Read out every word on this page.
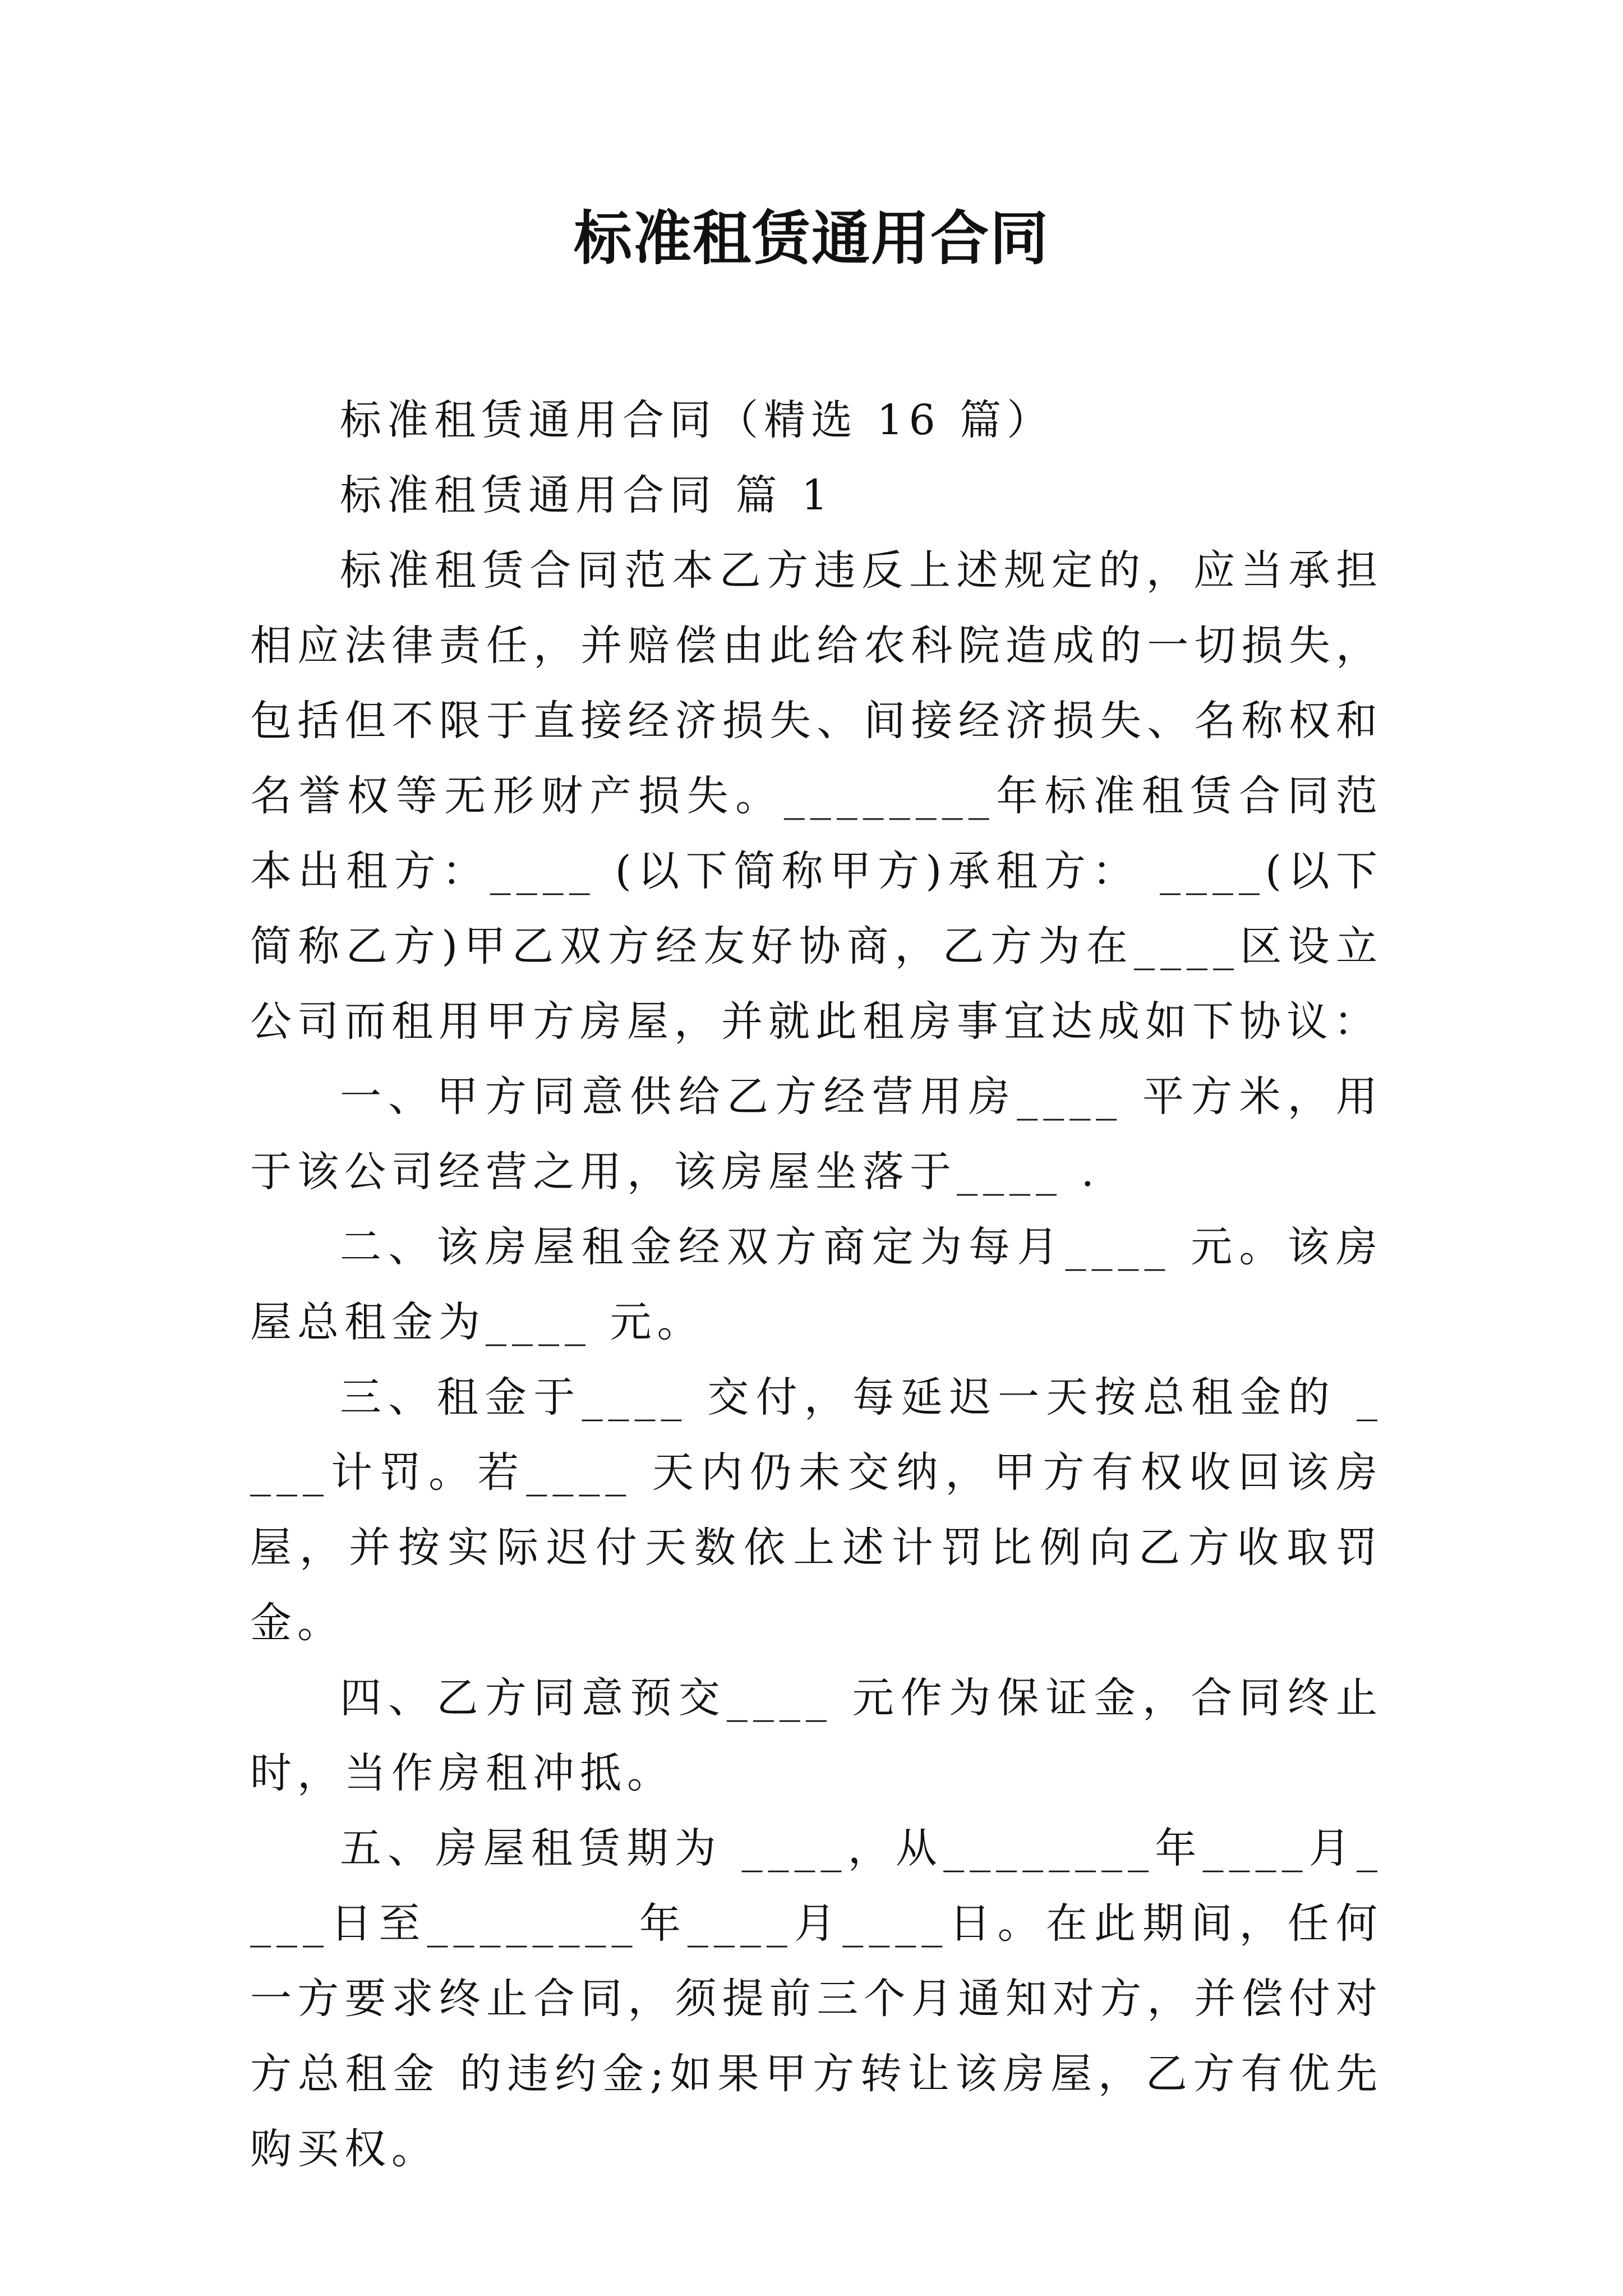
标准租赁通用合同

标准租赁通用合同（精选 16 篇）

标准租赁通用合同 篇 1

标准租赁合同范本乙方违反上述规定的，应当承担相应法律责任，并赔偿由此给农科院造成的一切损失，包括但不限于直接经济损失、间接经济损失、名称权和名誉权等无形财产损失。________年标准租赁合同范本出租方：____ (以下简称甲方)承租方： ____(以下简称乙方)甲乙双方经友好协商，乙方为在____区设立公司而租用甲方房屋，并就此租房事宜达成如下协议：

一、甲方同意供给乙方经营用房____ 平方米，用于该公司经营之用，该房屋坐落于____ .

二、该房屋租金经双方商定为每月____ 元。该房屋总租金为____ 元。

三、租金于____ 交付，每延迟一天按总租金的 ____计罚。若____ 天内仍未交纳，甲方有权收回该房屋，并按实际迟付天数依上述计罚比例向乙方收取罚金。

四、乙方同意预交____ 元作为保证金，合同终止时，当作房租冲抵。

五、房屋租赁期为 ____，从________年____月____日至________年____月____日。在此期间，任何一方要求终止合同，须提前三个月通知对方，并偿付对方总租金 的违约金;如果甲方转让该房屋，乙方有优先购买权。
